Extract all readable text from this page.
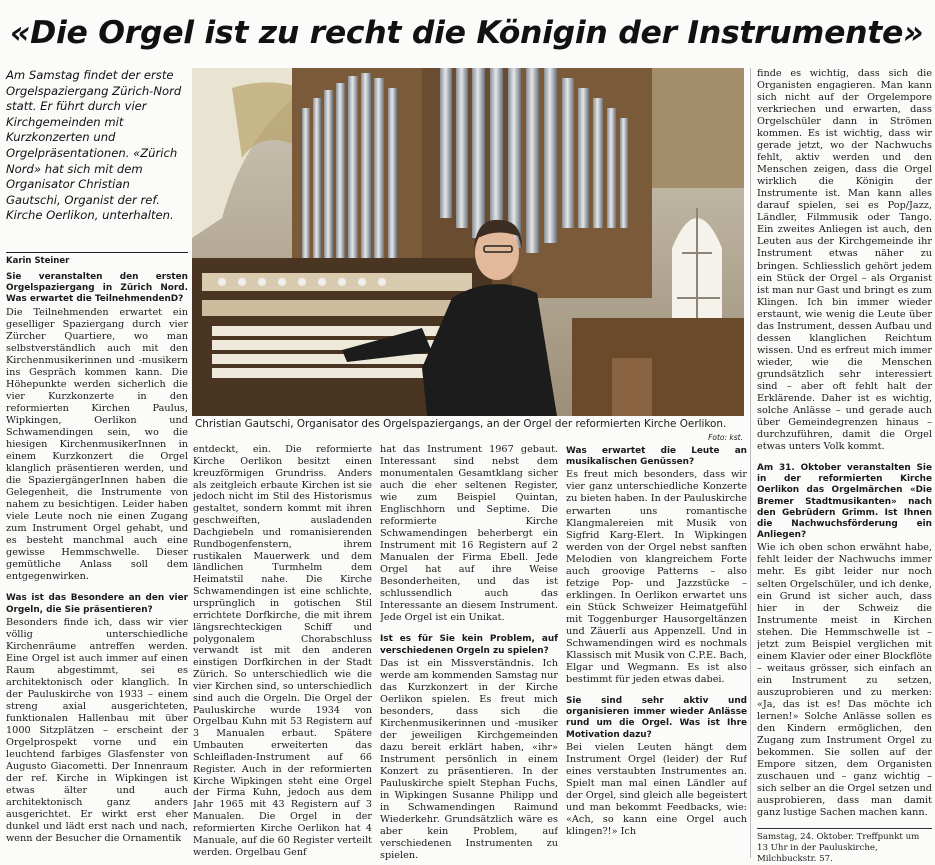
«Die Orgel ist zu recht die Königin der Instrumente»

Am Samstag findet der erste Orgelspaziergang Zürich-Nord statt. Er führt durch vier Kirchgemeinden mit Kurzkonzerten und Orgelpräsentationen. «Zürich Nord» hat sich mit dem Organisator Christian Gautschi, Organist der ref. Kirche Oerlikon, unterhalten.

Karin Steiner

Sie veranstalten den ersten Orgelspaziergang in Zürich Nord. Was erwartet die TeilnehmendenD?

Die Teilnehmenden erwartet ein geselliger Spaziergang durch vier Zürcher Quartiere, wo man selbstverständlich auch mit den Kirchenmusikerinnen und -musikern ins Gespräch kommen kann. Die Höhepunkte werden sicherlich die vier Kurzkonzerte in den reformierten Kirchen Paulus, Wipkingen, Oerlikon und Schwamendingen sein, wo die hiesigen KirchenmusikerInnen in einem Kurzkonzert die Orgel klanglich präsentieren werden, und die SpaziergängerInnen haben die Gelegenheit, die Instrumente von nahem zu besichtigen. Leider haben viele Leute noch nie einen Zugang zum Instrument Orgel gehabt, und es besteht manchmal auch eine gewisse Hemmschwelle. Dieser gemütliche Anlass soll dem entgegenwirken.

Was ist das Besondere an den vier Orgeln, die Sie präsentieren?

Besonders finde ich, dass wir vier völlig unterschiedliche Kirchenräume antreffen werden. Eine Orgel ist auch immer auf einen Raum abgestimmt, sei es architektonisch oder klanglich. In der Pauluskirche von 1933 – einem streng axial ausgerichteten, funktionalen Hallenbau mit über 1000 Sitzplätzen – erscheint der Orgelprospekt vorne und ein leuchtend farbiges Glasfenster von Augusto Giacometti. Der Innenraum der ref. Kirche in Wipkingen ist etwas älter und auch architektonisch ganz anders ausgerichtet. Er wirkt erst eher dunkel und lädt erst nach und nach, wenn der Besucher die Ornamentik

Christian Gautschi, Organisator des Orgelspaziergangs, an der Orgel der reformierten Kirche Oerlikon.
Foto: kst.

entdeckt, ein. Die reformierte Kirche Oerlikon besitzt einen kreuzförmigen Grundriss. Anders als zeitgleich erbaute Kirchen ist sie jedoch nicht im Stil des Historismus gestaltet, sondern kommt mit ihren geschweiften, ausladenden Dachgiebeln und romanisierenden Rundbogenfenstern, ihrem rustikalen Mauerwerk und dem ländlichen Turmhelm dem Heimatstil nahe. Die Kirche Schwamendingen ist eine schlichte, ursprünglich in gotischen Stil errichtete Dorfkirche, die mit ihrem längsrechteckigen Schiff und polygonalem Chorabschluss verwandt ist mit den anderen einstigen Dorfkirchen in der Stadt Zürich. So unterschiedlich wie die vier Kirchen sind, so unterschiedlich sind auch die Orgeln. Die Orgel der Pauluskirche wurde 1934 von Orgelbau Kuhn mit 53 Registern auf 3 Manualen erbaut. Spätere Umbauten erweiterten das Schleifladen-Instrument auf 66 Register. Auch in der reformierten Kirche Wipkingen steht eine Orgel der Firma Kuhn, jedoch aus dem Jahr 1965 mit 43 Registern auf 3 Manualen. Die Orgel in der reformierten Kirche Oerlikon hat 4 Manuale, auf die 60 Register verteilt werden. Orgelbau Genf

hat das Instrument 1967 gebaut. Interessant sind nebst dem monumentalen Gesamtklang sicher auch die eher seltenen Register, wie zum Beispiel Quintan, Englischhorn und Septime. Die reformierte Kirche Schwamendingen beherbergt ein Instrument mit 16 Registern auf 2 Manualen der Firma Ebell. Jede Orgel hat auf ihre Weise Besonderheiten, und das ist schlussendlich auch das Interessante an diesem Instrument. Jede Orgel ist ein Unikat.

Ist es für Sie kein Problem, auf verschiedenen Orgeln zu spielen?

Das ist ein Missverständnis. Ich werde am kommenden Samstag nur das Kurzkonzert in der Kirche Oerlikon spielen. Es freut mich besonders, dass sich die Kirchenmusikerinnen und -musiker der jeweiligen Kirchgemeinden dazu bereit erklärt haben, «ihr» Instrument persönlich in einem Konzert zu präsentieren. In der Pauluskirche spielt Stephan Fuchs, in Wipkingen Susanne Philipp und in Schwamendingen Raimund Wiederkehr. Grundsätzlich wäre es aber kein Problem, auf verschiedenen Instrumenten zu spielen.

Was erwartet die Leute an musikalischen Genüssen?

Es freut mich besonders, dass wir vier ganz unterschiedliche Konzerte zu bieten haben. In der Pauluskirche erwarten uns romantische Klangmalereien mit Musik von Sigfrid Karg-Elert. In Wipkingen werden von der Orgel nebst sanften Melodien von klangreichem Forte auch groovige Patterns – also fetzige Pop- und Jazzstücke – erklingen. In Oerlikon erwartet uns ein Stück Schweizer Heimatgefühl mit Toggenburger Hausorgeltänzen und Zäuerli aus Appenzell. Und in Schwamendingen wird es nochmals Klassisch mit Musik von C.P.E. Bach, Elgar und Wegmann. Es ist also bestimmt für jeden etwas dabei.

Sie sind sehr aktiv und organisieren immer wieder Anlässe rund um die Orgel. Was ist Ihre Motivation dazu?

Bei vielen Leuten hängt dem Instrument Orgel (leider) der Ruf eines verstaubten Instrumentes an. Spielt man mal einen Ländler auf der Orgel, sind gleich alle begeistert und man bekommt Feedbacks, wie: «Ach, so kann eine Orgel auch klingen?!» Ich

finde es wichtig, dass sich die Organisten engagieren. Man kann sich nicht auf der Orgelempore verkriechen und erwarten, dass Orgelschüler dann in Strömen kommen. Es ist wichtig, dass wir gerade jetzt, wo der Nachwuchs fehlt, aktiv werden und den Menschen zeigen, dass die Orgel wirklich die Königin der Instrumente ist. Man kann alles darauf spielen, sei es Pop/Jazz, Ländler, Filmmusik oder Tango. Ein zweites Anliegen ist auch, den Leuten aus der Kirchgemeinde ihr Instrument etwas näher zu bringen. Schliesslich gehört jedem ein Stück der Orgel – als Organist ist man nur Gast und bringt es zum Klingen. Ich bin immer wieder erstaunt, wie wenig die Leute über das Instrument, dessen Aufbau und dessen klanglichen Reichtum wissen. Und es erfreut mich immer wieder, wie die Menschen grundsätzlich sehr interessiert sind – aber oft fehlt halt der Erklärende. Daher ist es wichtig, solche Anlässe – und gerade auch über Gemeindegrenzen hinaus – durchzuführen, damit die Orgel etwas unters Volk kommt.

Am 31. Oktober veranstalten Sie in der reformierten Kirche Oerlikon das Orgelmärchen «Die Bremer Stadtmusikanten» nach den Gebrüdern Grimm. Ist Ihnen die Nachwuchsförderung ein Anliegen?

Wie ich oben schon erwähnt habe, fehlt leider der Nachwuchs immer mehr. Es gibt leider nur noch selten Orgelschüler, und ich denke, ein Grund ist sicher auch, dass hier in der Schweiz die Instrumente meist in Kirchen stehen. Die Hemmschwelle ist – jetzt zum Beispiel verglichen mit einem Klavier oder einer Blockflöte – weitaus grösser, sich einfach an ein Instrument zu setzen, auszuprobieren und zu merken: «Ja, das ist es! Das möchte ich lernen!» Solche Anlässe sollen es den Kindern ermöglichen, den Zugang zum Instrument Orgel zu bekommen. Sie sollen auf der Empore sitzen, dem Organisten zuschauen und – ganz wichtig – sich selber an die Orgel setzen und ausprobieren, dass man damit ganz lustige Sachen machen kann.

Samstag, 24. Oktober. Treffpunkt um 13 Uhr in der Pauluskirche, Milchbuckstr. 57.
